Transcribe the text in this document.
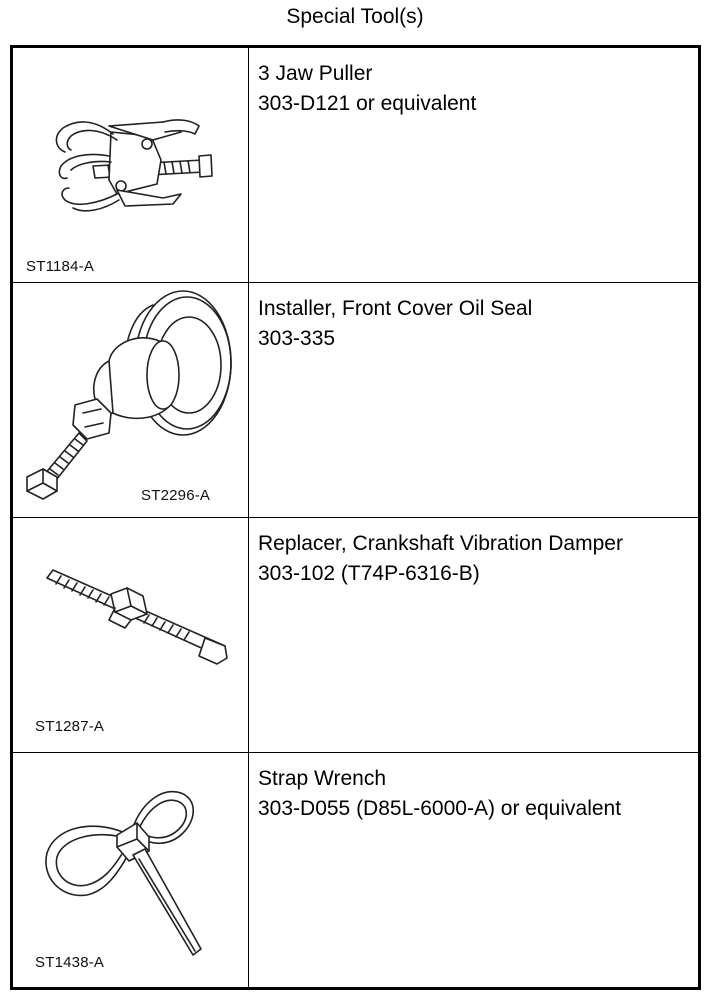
Special Tool(s)
ST1184-A	3 Jaw Puller
303-D121 or equivalent

ST2296-A	Installer, Front Cover Oil Seal
303-335

ST1287-A	Replacer, Crankshaft Vibration Damper
303-102 (T74P-6316-B)

ST1438-A	Strap Wrench
303-D055 (D85L-6000-A) or equivalent
